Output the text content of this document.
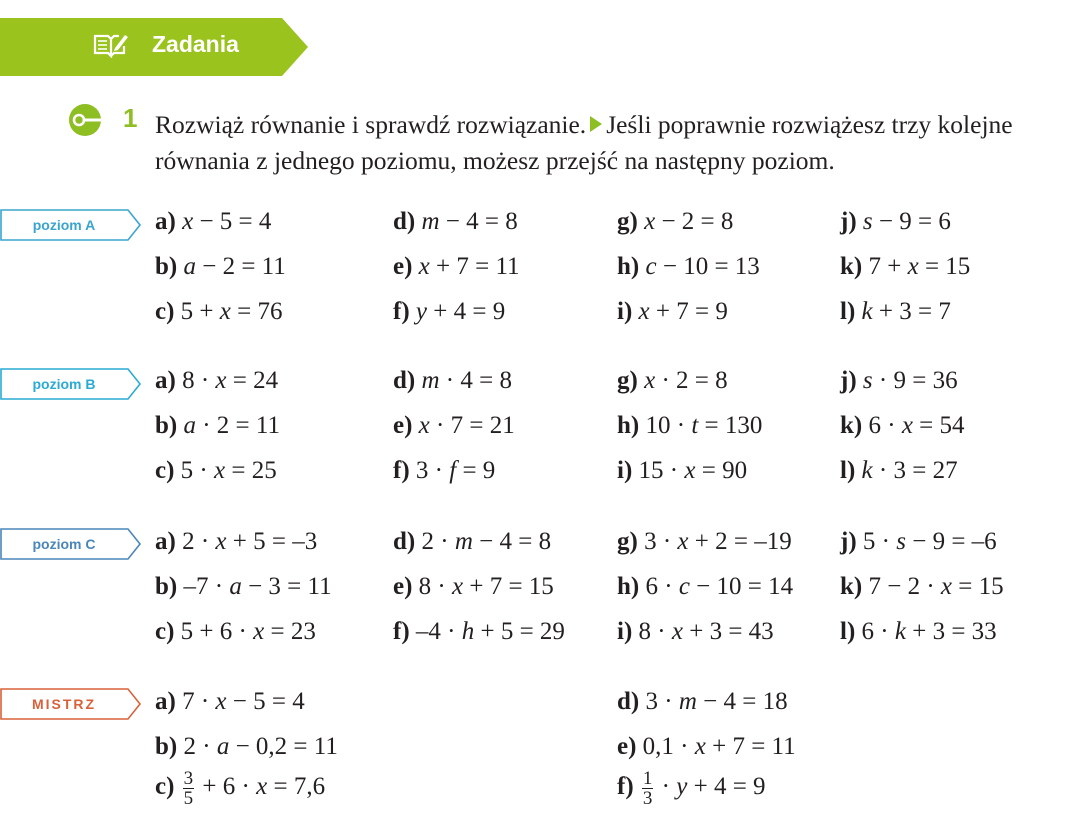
Zadania
1 Rozwiąż równanie i sprawdź rozwiązanie. Jeśli poprawnie rozwiążesz trzy kolejne równania z jednego poziomu, możesz przejść na następny poziom.
poziom A
poziom B
poziom C
MISTRZ
a) x − 5 = 4
b) a − 2 = 11
c) 5 + x = 76
d) m − 4 = 8
e) x + 7 = 11
f) y + 4 = 9
g) x − 2 = 8
h) c − 10 = 13
i) x + 7 = 9
j) s − 9 = 6
k) 7 + x = 15
l) k + 3 = 7
a) 8 · x = 24
b) a · 2 = 11
c) 5 · x = 25
d) m · 4 = 8
e) x · 7 = 21
f) 3 · f = 9
g) x · 2 = 8
h) 10 · t = 130
i) 15 · x = 90
j) s · 9 = 36
k) 6 · x = 54
l) k · 3 = 27
a) 2 · x + 5 = –3
b) –7 · a − 3 = 11
c) 5 + 6 · x = 23
d) 2 · m − 4 = 8
e) 8 · x + 7 = 15
f) –4 · h + 5 = 29
g) 3 · x + 2 = –19
h) 6 · c − 10 = 14
i) 8 · x + 3 = 43
j) 5 · s − 9 = –6
k) 7 − 2 · x = 15
l) 6 · k + 3 = 33
a) 7 · x − 5 = 4
b) 2 · a − 0,2 = 11
$c) \frac{3}{5} + 6 \cdot x = 7,6$
d) 3 · m − 4 = 18
e) 0,1 · x + 7 = 11
$f) \frac{1}{3} \cdot y + 4 = 9$
